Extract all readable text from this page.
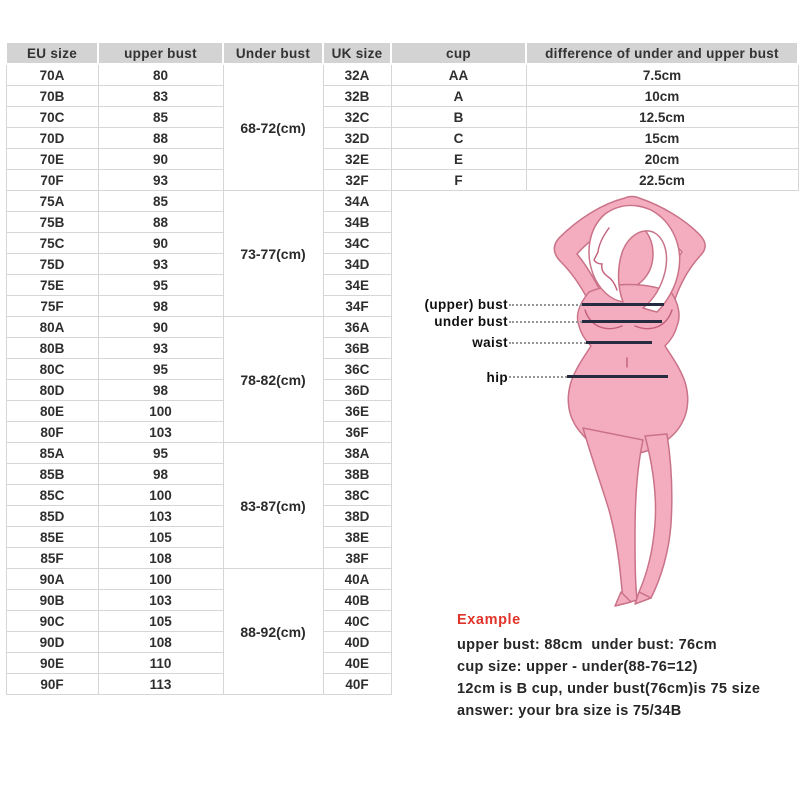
EU size	upper bust	Under bust	UK size	cup	difference of under and upper bust
70A	80	68-72(cm)	32A	AA	7.5cm
70B	83		32B	A	10cm
70C	85		32C	B	12.5cm
70D	88		32D	C	15cm
70E	90		32E	E	20cm
70F	93		32F	F	22.5cm
75A	85	73-77(cm)	34A		
75B	88		34B		
75C	90		34C		
75D	93		34D		
75E	95		34E		
75F	98		34F		
80A	90	78-82(cm)	36A		
80B	93		36B		
80C	95		36C		
80D	98		36D		
80E	100		36E		
80F	103		36F		
85A	95	83-87(cm)	38A		
85B	98		38B		
85C	100		38C		
85D	103		38D		
85E	105		38E		
85F	108		38F		
90A	100	88-92(cm)	40A		
90B	103		40B		
90C	105		40C		
90D	108		40D		
90E	110		40E		
90F	113		40F		
(upper) bust
under bust
waist
hip
Example
upper bust: 88cm  under bust: 76cm
cup size: upper - under(88-76=12)
12cm is B cup, under bust(76cm)is 75 size
answer: your bra size is 75/34B
